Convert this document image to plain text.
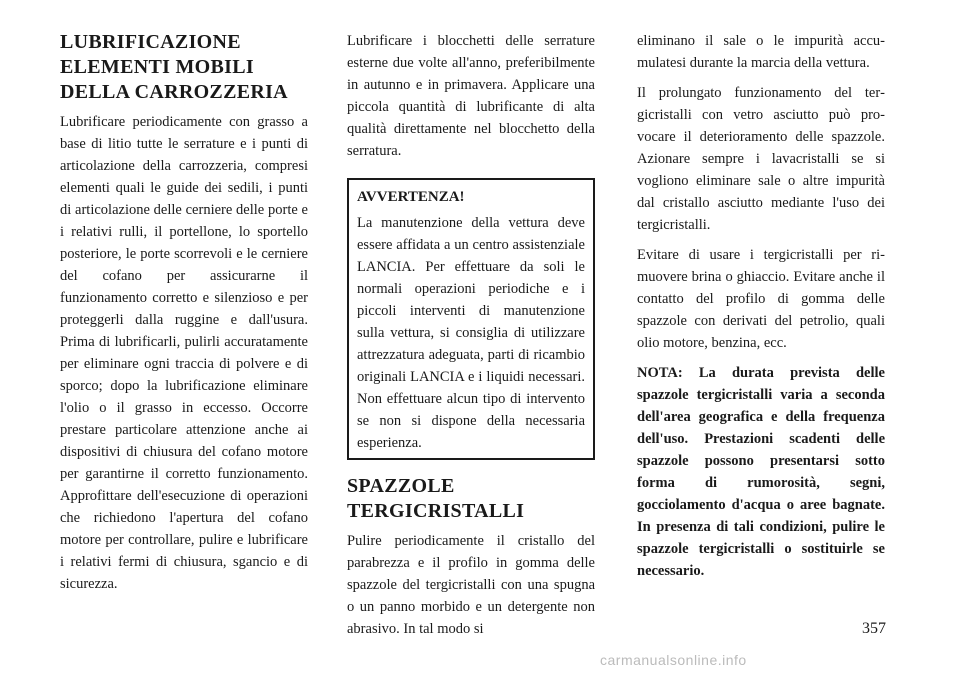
LUBRIFICAZIONE ELEMENTI MOBILI DELLA CARROZZERIA

Lubrificare periodicamente con grasso a base di litio tutte le serrature e i punti di articolazione della carrozzeria, compresi elementi quali le guide dei sedili, i punti di articolazione delle cerniere delle porte e i relativi rulli, il portellone, lo sportello posteriore, le porte scorrevoli e le cerniere del cofano per assicurarne il funzionamento corretto e silenzioso e per proteggerli dalla ruggine e dall'usura. Prima di lubrificarli, pulirli accuratamente per eliminare ogni traccia di polvere e di sporco; dopo la lubrificazione eliminare l'olio o il grasso in eccesso. Occorre prestare particolare attenzione anche ai dispositivi di chiusura del cofano motore per garantirne il corretto funzionamento. Approfittare dell'esecuzione di operazioni che richiedono l'apertura del cofano motore per controllare, pulire e lubrificare i relativi fermi di chiusura, sgancio e di sicurezza.

Lubrificare i blocchetti delle serrature esterne due volte all'anno, preferibilmente in autunno e in primavera. Applicare una piccola quantità di lubrificante di alta qualità direttamente nel blocchetto della serratura.

AVVERTENZA!

La manutenzione della vettura deve essere affidata a un centro assistenziale LANCIA. Per effettuare da soli le normali operazioni periodiche e i piccoli interventi di manutenzione sulla vettura, si consiglia di utilizzare attrezzatura adeguata, parti di ricambio originali LANCIA e i liquidi necessari. Non effettuare alcun tipo di intervento se non si dispone della necessaria esperienza.

SPAZZOLE TERGICRISTALLI

Pulire periodicamente il cristallo del parabrezza e il profilo in gomma delle spazzole del tergicristalli con una spugna o un panno morbido e un detergente non abrasivo. In tal modo si

eliminano il sale o le impurità accumulatesi durante la marcia della vettura.

Il prolungato funzionamento del tergicristalli con vetro asciutto può provocare il deterioramento delle spazzole. Azionare sempre i lavacristalli se si vogliono eliminare sale o altre impurità dal cristallo asciutto mediante l'uso dei tergicristalli.

Evitare di usare i tergicristalli per rimuovere brina o ghiaccio. Evitare anche il contatto del profilo di gomma delle spazzole con derivati del petrolio, quali olio motore, benzina, ecc.

NOTA: La durata prevista delle spazzole tergicristalli varia a seconda dell'area geografica e della frequenza dell'uso. Prestazioni scadenti delle spazzole possono presentarsi sotto forma di rumorosità, segni, gocciolamento d'acqua o aree bagnate. In presenza di tali condizioni, pulire le spazzole tergicristalli o sostituirle se necessario.

357
carmanualsonline.info
